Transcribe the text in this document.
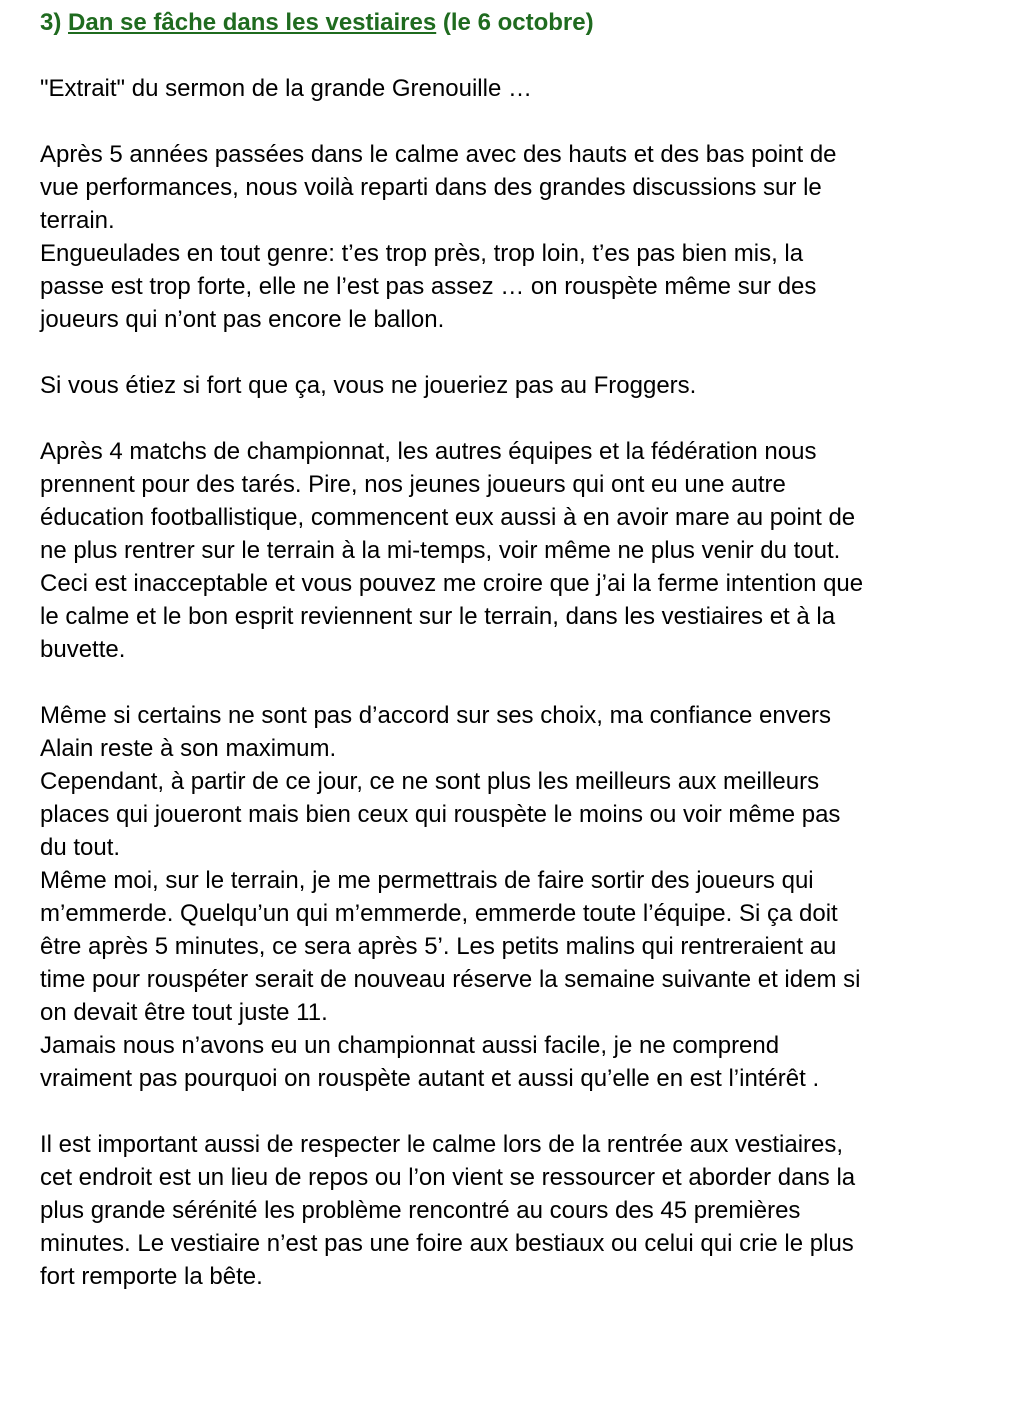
3) Dan se fâche dans les vestiaires (le 6 octobre)

"Extrait" du sermon de la grande Grenouille …

Après 5 années passées dans le calme avec des hauts et des bas point de

vue performances, nous voilà reparti dans des grandes discussions sur le

terrain.

Engueulades en tout genre: t’es trop près, trop loin, t’es pas bien mis, la

passe est trop forte, elle ne l’est pas assez … on rouspète même sur des

joueurs qui n’ont pas encore le ballon.

Si vous étiez si fort que ça, vous ne joueriez pas au Froggers.

Après 4 matchs de championnat, les autres équipes et la fédération nous

prennent pour des tarés. Pire, nos jeunes joueurs qui ont eu une autre

éducation footballistique, commencent eux aussi à en avoir mare au point de

ne plus rentrer sur le terrain à la mi-temps, voir même ne plus venir du tout.

Ceci est inacceptable et vous pouvez me croire que j’ai la ferme intention que

le calme et le bon esprit reviennent sur le terrain, dans les vestiaires et à la

buvette.

Même si certains ne sont pas d’accord sur ses choix, ma confiance envers

Alain reste à son maximum.

Cependant, à partir de ce jour, ce ne sont plus les meilleurs aux meilleurs

places qui joueront mais bien ceux qui rouspète le moins ou voir même pas

du tout.

Même moi, sur le terrain, je me permettrais de faire sortir des joueurs qui

m’emmerde. Quelqu’un qui m’emmerde, emmerde toute l’équipe. Si ça doit

être après 5 minutes, ce sera après 5’. Les petits malins qui rentreraient au

time pour rouspéter serait de nouveau réserve la semaine suivante et idem si

on devait être tout juste 11.

Jamais nous n’avons eu un championnat aussi facile, je ne comprend

vraiment pas pourquoi on rouspète autant et aussi qu’elle en est l’intérêt .

Il est important aussi de respecter le calme lors de la rentrée aux vestiaires,

cet endroit est un lieu de repos ou l’on vient se ressourcer et aborder dans la

plus grande sérénité les problème rencontré au cours des 45 premières

minutes. Le vestiaire n’est pas une foire aux bestiaux ou celui qui crie le plus

fort remporte la bête.
